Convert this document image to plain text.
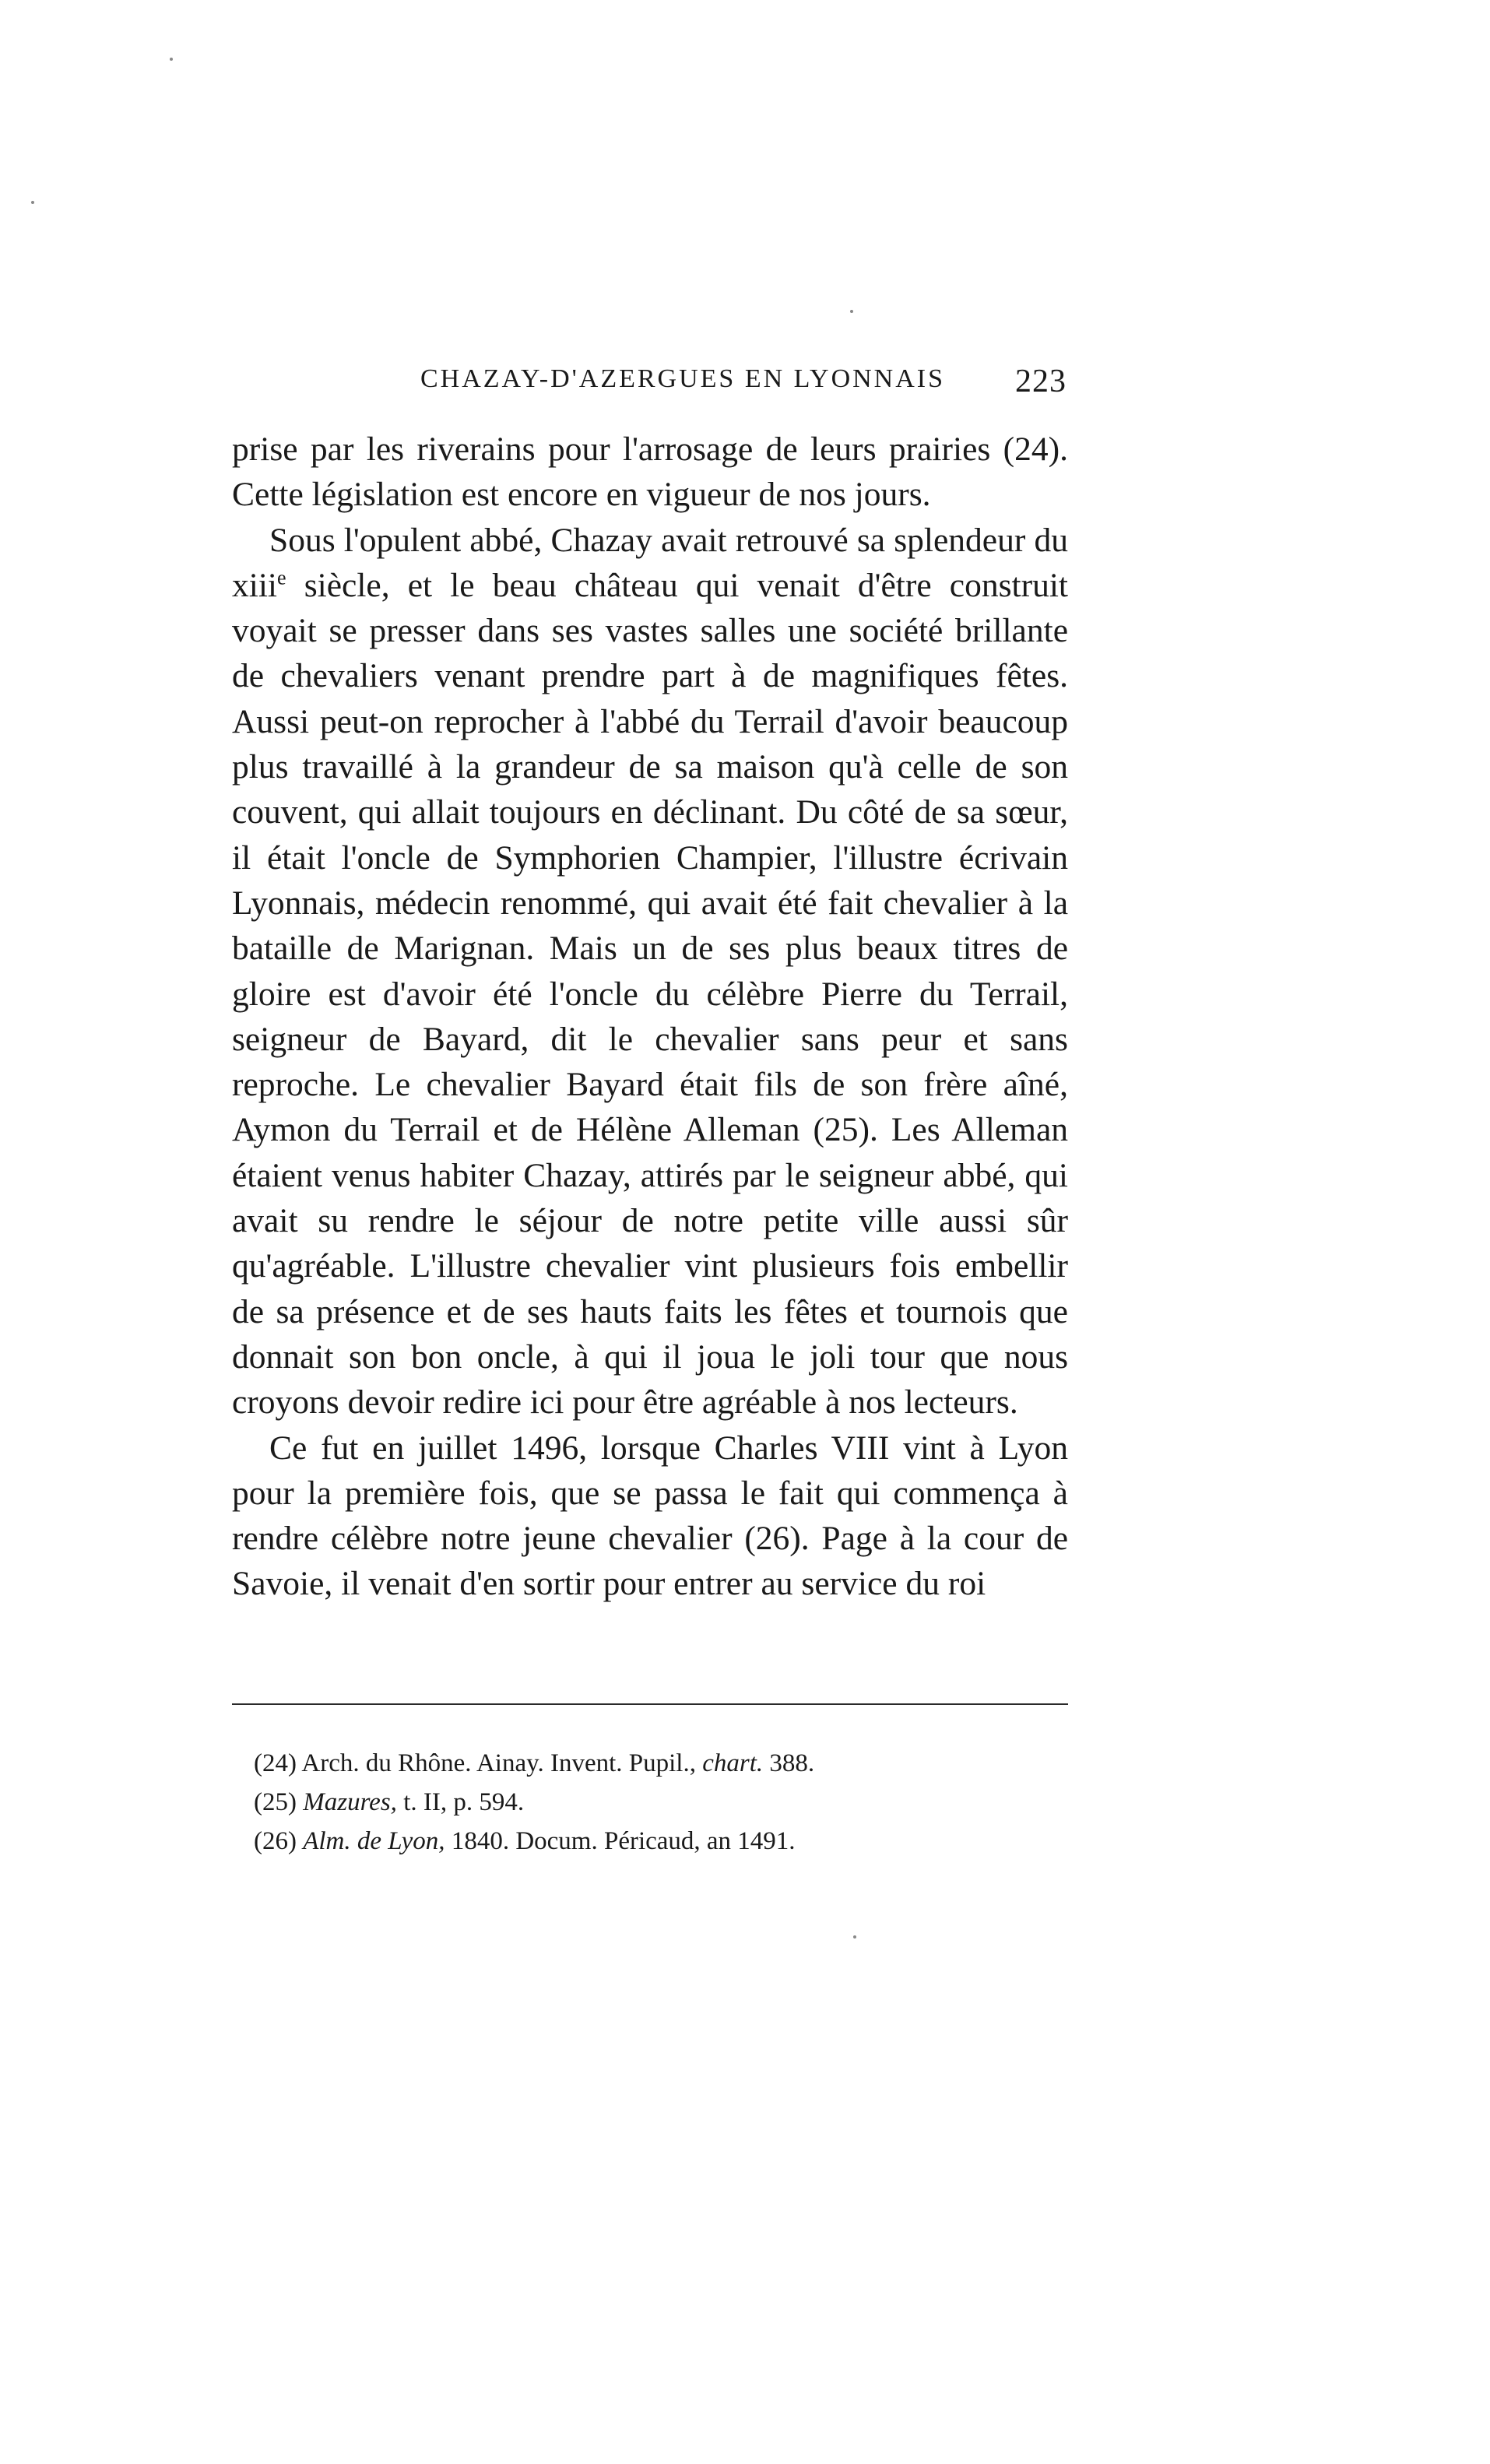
CHAZAY-D'AZERGUES EN LYONNAIS 223

prise par les riverains pour l'arrosage de leurs prairies (24). Cette législation est encore en vigueur de nos jours.

Sous l'opulent abbé, Chazay avait retrouvé sa splendeur du xiii$^e$ siècle, et le beau château qui venait d'être construit voyait se presser dans ses vastes salles une société brillante de chevaliers venant prendre part à de magnifiques fêtes. Aussi peut-on reprocher à l'abbé du Terrail d'avoir beaucoup plus travaillé à la grandeur de sa maison qu'à celle de son couvent, qui allait toujours en déclinant. Du côté de sa sœur, il était l'oncle de Symphorien Champier, l'illustre écrivain Lyonnais, médecin renommé, qui avait été fait chevalier à la bataille de Marignan. Mais un de ses plus beaux titres de gloire est d'avoir été l'oncle du célèbre Pierre du Terrail, seigneur de Bayard, dit le chevalier sans peur et sans reproche. Le chevalier Bayard était fils de son frère aîné, Aymon du Terrail et de Hélène Alleman (25). Les Alleman étaient venus habiter Chazay, attirés par le seigneur abbé, qui avait su rendre le séjour de notre petite ville aussi sûr qu'agréable. L'illustre chevalier vint plusieurs fois embellir de sa présence et de ses hauts faits les fêtes et tournois que donnait son bon oncle, à qui il joua le joli tour que nous croyons devoir redire ici pour être agréable à nos lecteurs.

Ce fut en juillet 1496, lorsque Charles VIII vint à Lyon pour la première fois, que se passa le fait qui commença à rendre célèbre notre jeune chevalier (26). Page à la cour de Savoie, il venait d'en sortir pour entrer au service du roi

(24) Arch. du Rhône. Ainay. Invent. Pupil., chart. 388.
(25) Mazures, t. II, p. 594.
(26) Alm. de Lyon, 1840. Docum. Péricaud, an 1491.
